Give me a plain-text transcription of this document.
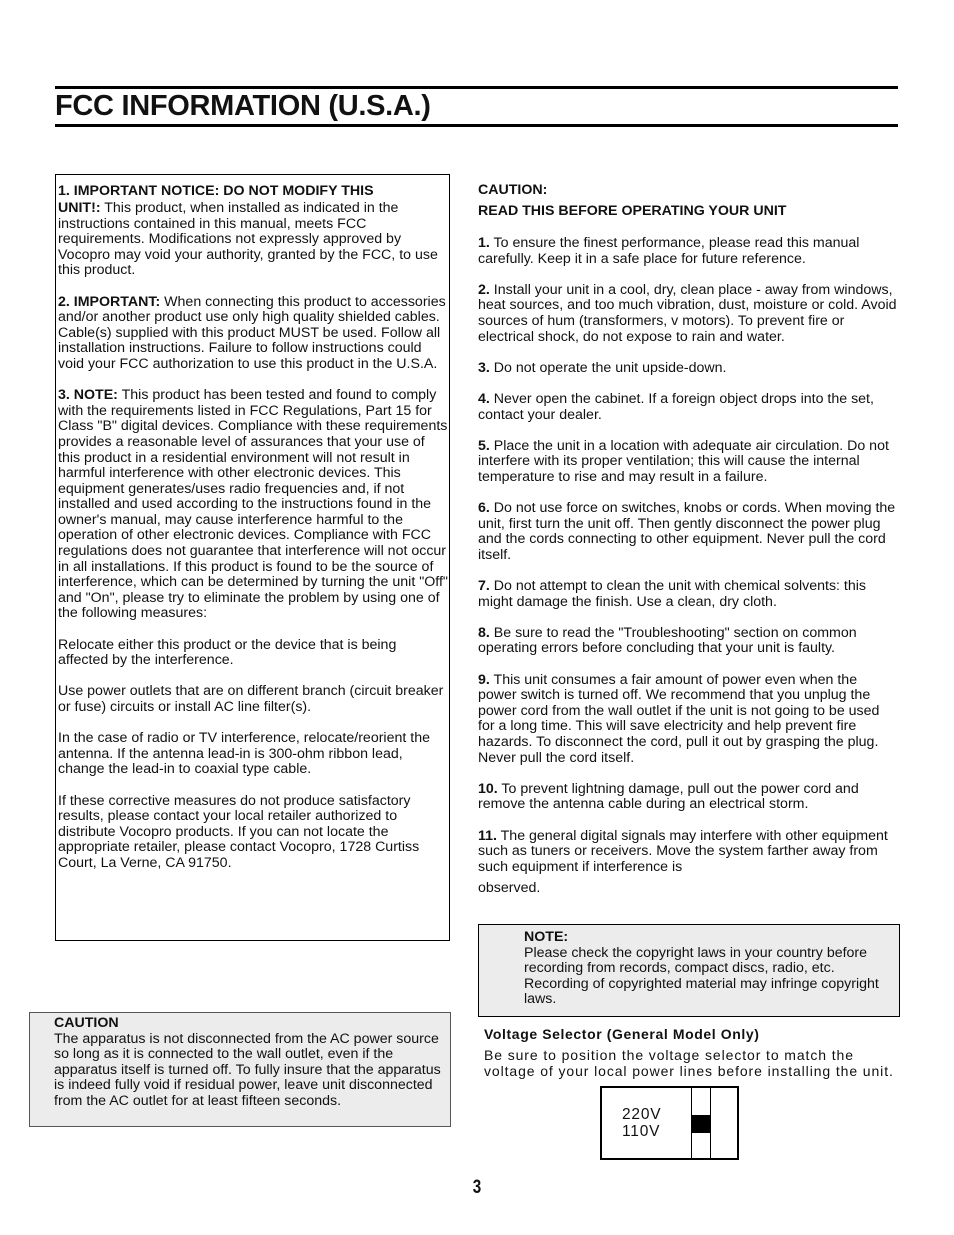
FCC INFORMATION (U.S.A.)

1. IMPORTANT NOTICE: DO NOT MODIFY THIS

UNIT!: This product, when installed as indicated in the instructions contained in this manual, meets FCC requirements. Modifications not expressly approved by Vocopro may void your authority, granted by the FCC, to use this product.

2. IMPORTANT: When connecting this product to accessories and/or another product use only high quality shielded cables. Cable(s) supplied with this product MUST be used. Follow all installation instructions. Failure to follow instructions could void your FCC authorization to use this product in the U.S.A.

3. NOTE: This product has been tested and found to comply with the requirements listed in FCC Regulations, Part 15 for Class "B" digital devices. Compliance with these requirements provides a reasonable level of assurances that your use of this product in a residential environment will not result in harmful interference with other electronic devices. This equipment generates/uses radio frequencies and, if not installed and used according to the instructions found in the owner's manual, may cause interference harmful to the operation of other electronic devices. Compliance with FCC regulations does not guarantee that interference will not occur in all installations. If this product is found to be the source of interference, which can be determined by turning the unit "Off" and "On", please try to eliminate the problem by using one of the following measures:

Relocate either this product or the device that is being affected by the interference.

Use power outlets that are on different branch (circuit breaker or fuse) circuits or install AC line filter(s).

In the case of radio or TV interference, relocate/reorient the antenna. If the antenna lead-in is 300-ohm ribbon lead, change the lead-in to coaxial type cable.

If these corrective measures do not produce satisfactory results, please contact your local retailer authorized to distribute Vocopro products. If you can not locate the appropriate retailer, please contact Vocopro, 1728 Curtiss Court, La Verne, CA 91750.

CAUTION
The apparatus is not disconnected from the AC power source so long as it is connected to the wall outlet, even if the apparatus itself is turned off. To fully insure that the apparatus is indeed fully void if residual power, leave unit disconnected from the AC outlet for at least fifteen seconds.

CAUTION:

READ THIS BEFORE OPERATING YOUR UNIT

1. To ensure the finest performance, please read this manual carefully. Keep it in a safe place for future reference.

2. Install your unit in a cool, dry, clean place - away from windows, heat sources, and too much vibration, dust, moisture or cold. Avoid sources of hum (transformers, v motors). To prevent fire or electrical shock, do not expose to rain and water.

3. Do not operate the unit upside-down.

4. Never open the cabinet. If a foreign object drops into the set, contact your dealer.

5. Place the unit in a location with adequate air circulation. Do not interfere with its proper ventilation; this will cause the internal temperature to rise and may result in a failure.

6. Do not use force on switches, knobs or cords. When moving the unit, first turn the unit off. Then gently disconnect the power plug and the cords connecting to other equipment. Never pull the cord itself.

7. Do not attempt to clean the unit with chemical solvents: this might damage the finish. Use a clean, dry cloth.

8. Be sure to read the "Troubleshooting" section on common operating errors before concluding that your unit is faulty.

9. This unit consumes a fair amount of power even when the power switch is turned off. We recommend that you unplug the power cord from the wall outlet if the unit is not going to be used for a long time. This will save electricity and help prevent fire hazards. To disconnect the cord, pull it out by grasping the plug. Never pull the cord itself.

10. To prevent lightning damage, pull out the power cord and remove the antenna cable during an electrical storm.

11. The general digital signals may interfere with other equipment such as tuners or receivers. Move the system farther away from such equipment if interference is

observed.

NOTE:
Please check the copyright laws in your country before recording from records, compact discs, radio, etc. Recording of copyrighted material may infringe copyright laws.

Voltage Selector (General Model Only)

Be sure to position the voltage selector to match the voltage of your local power lines before installing the unit.

220V
110V
3
